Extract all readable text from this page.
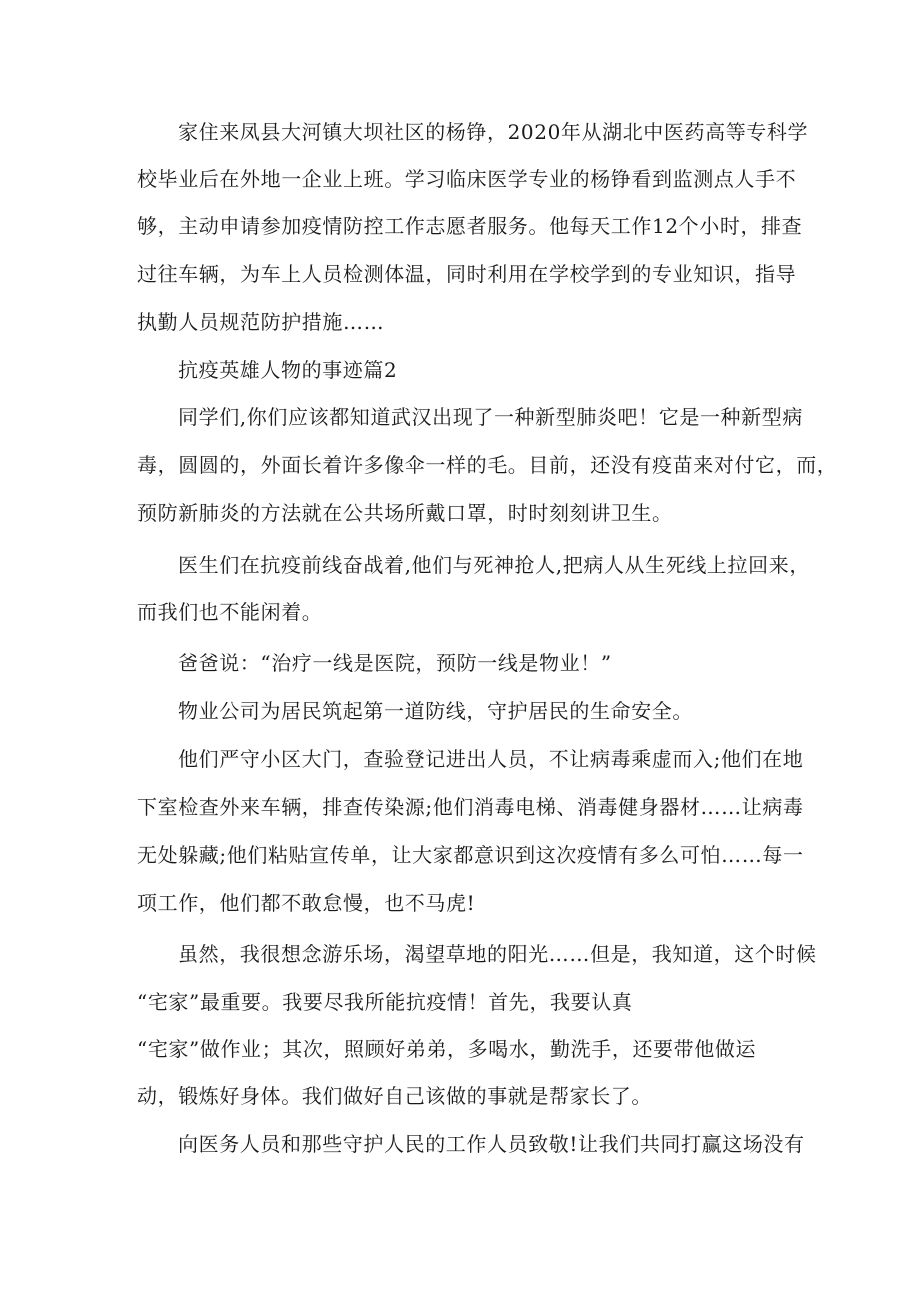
家住来凤县大河镇大坝社区的杨铮，2020年从湖北中医药高等专科学

校毕业后在外地一企业上班。学习临床医学专业的杨铮看到监测点人手不

够，主动申请参加疫情防控工作志愿者服务。他每天工作12个小时，排查

过往车辆，为车上人员检测体温，同时利用在学校学到的专业知识，指导

执勤人员规范防护措施……

抗疫英雄人物的事迹篇2

同学们,你们应该都知道武汉出现了一种新型肺炎吧！它是一种新型病

毒，圆圆的，外面长着许多像伞一样的毛。目前，还没有疫苗来对付它，而，

预防新肺炎的方法就在公共场所戴口罩，时时刻刻讲卫生。

医生们在抗疫前线奋战着,他们与死神抢人,把病人从生死线上拉回来，

而我们也不能闲着。

爸爸说：“治疗一线是医院，预防一线是物业！”

物业公司为居民筑起第一道防线，守护居民的生命安全。

他们严守小区大门，查验登记进出人员，不让病毒乘虚而入;他们在地

下室检查外来车辆，排查传染源;他们消毒电梯、消毒健身器材……让病毒

无处躲藏;他们粘贴宣传单，让大家都意识到这次疫情有多么可怕……每一

项工作，他们都不敢怠慢，也不马虎!

虽然，我很想念游乐场，渴望草地的阳光……但是，我知道，这个时候

“宅家”最重要。我要尽我所能抗疫情！首先，我要认真

“宅家”做作业；其次，照顾好弟弟，多喝水，勤洗手，还要带他做运

动，锻炼好身体。我们做好自己该做的事就是帮家长了。

向医务人员和那些守护人民的工作人员致敬!让我们共同打赢这场没有
